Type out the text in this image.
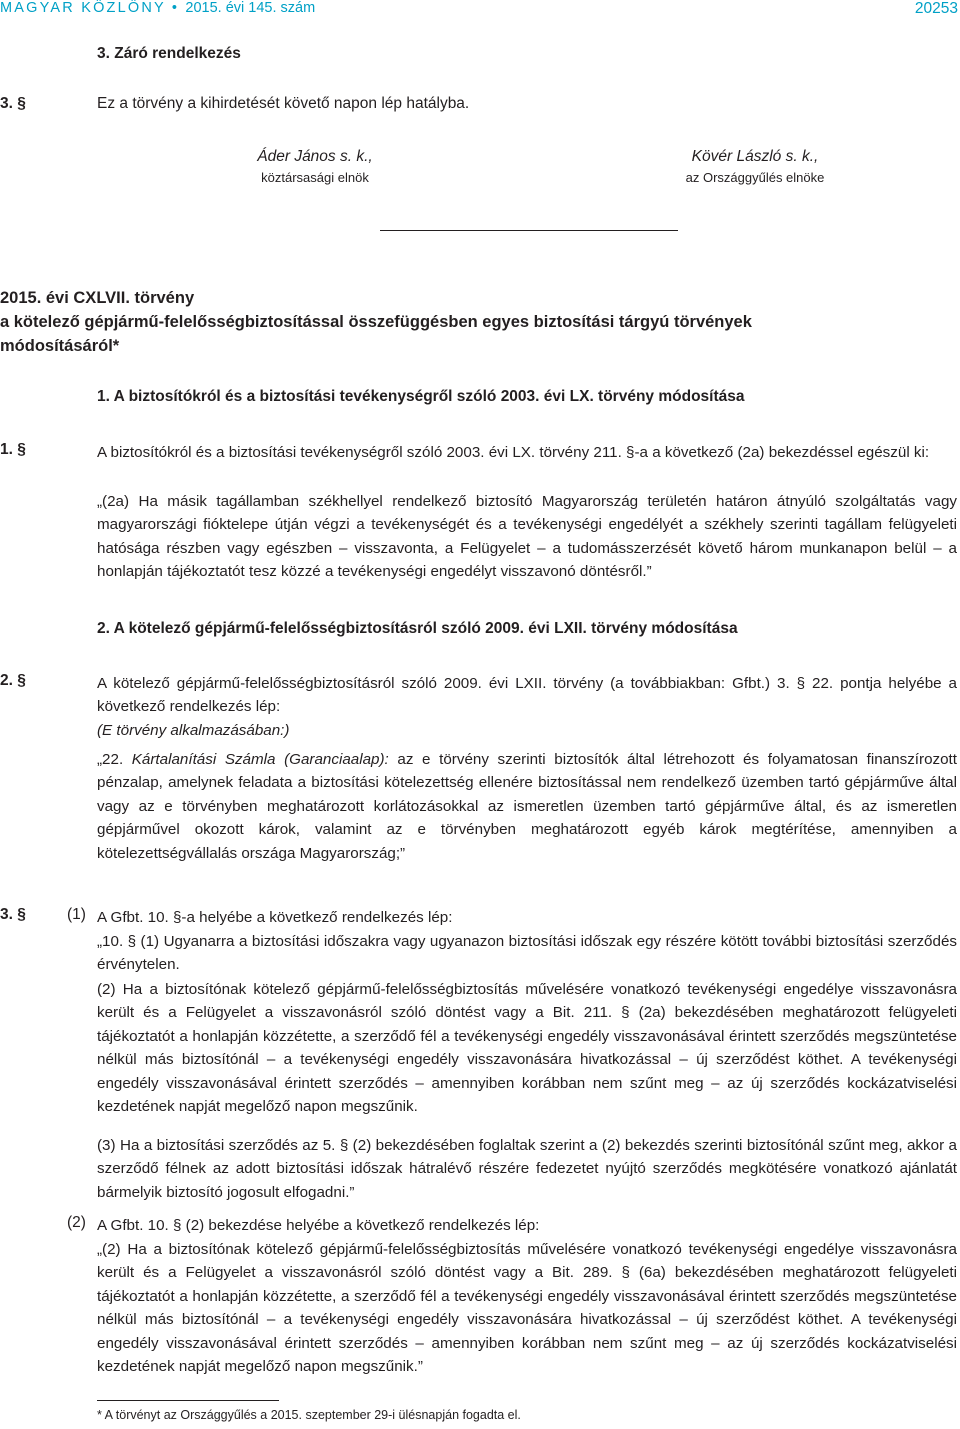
MAGYAR KÖZLÖNY • 2015. évi 145. szám	20253
3. Záró rendelkezés
3. §	Ez a törvény a kihirdetését követő napon lép hatályba.
Áder János s. k.,
köztársasági elnök
Kövér László s. k.,
az Országgyűlés elnöke
2015. évi CXLVII. törvény
a kötelező gépjármű-felelősségbiztosítással összefüggésben egyes biztosítási tárgyú törvények
módosításáról*
1. A biztosítókról és a biztosítási tevékenységről szóló 2003. évi LX. törvény módosítása
1. §	A biztosítókról és a biztosítási tevékenységről szóló 2003. évi LX. törvény 211. §-a a következő (2a) bekezdéssel egészül ki:

„(2a) Ha másik tagállamban székhellyel rendelkező biztosító Magyarország területén határon átnyúló szolgáltatás vagy magyarországi fióktelepe útján végzi a tevékenységét és a tevékenységi engedélyét a székhely szerinti tagállam felügyeleti hatósága részben vagy egészben – visszavonta, a Felügyelet – a tudomásszerzését követő három munkanapon belül – a honlapján tájékoztatót tesz közzé a tevékenységi engedélyt visszavonó döntésről.”

2. A kötelező gépjármű-felelősségbiztosításról szóló 2009. évi LXII. törvény módosítása
2. §	A kötelező gépjármű-felelősségbiztosításról szóló 2009. évi LXII. törvény (a továbbiakban: Gfbt.) 3. § 22. pontja helyébe a következő rendelkezés lép:

(E törvény alkalmazásában:)

„22. Kártalanítási Számla (Garanciaalap): az e törvény szerinti biztosítók által létrehozott és folyamatosan finanszírozott pénzalap, amelynek feladata a biztosítási kötelezettség ellenére biztosítással nem rendelkező üzemben tartó gépjárműve által vagy az e törvényben meghatározott korlátozásokkal az ismeretlen üzemben tartó gépjárműve által, és az ismeretlen gépjárművel okozott károk, valamint az e törvényben meghatározott egyéb károk megtérítése, amennyiben a kötelezettségvállalás országa Magyarország;”

3. §	(1) A Gfbt. 10. §-a helyébe a következő rendelkezés lép:

„10. § (1) Ugyanarra a biztosítási időszakra vagy ugyanazon biztosítási időszak egy részére kötött további biztosítási szerződés érvénytelen.

(2) Ha a biztosítónak kötelező gépjármű-felelősségbiztosítás művelésére vonatkozó tevékenységi engedélye visszavonásra került és a Felügyelet a visszavonásról szóló döntést vagy a Bit. 211. § (2a) bekezdésében meghatározott felügyeleti tájékoztatót a honlapján közzétette, a szerződő fél a tevékenységi engedély visszavonásával érintett szerződés megszüntetése nélkül más biztosítónál – a tevékenységi engedély visszavonására hivatkozással – új szerződést köthet. A tevékenységi engedély visszavonásával érintett szerződés – amennyiben korábban nem szűnt meg – az új szerződés kockázatviselési kezdetének napját megelőző napon megszűnik.

(3) Ha a biztosítási szerződés az 5. § (2) bekezdésében foglaltak szerint a (2) bekezdés szerinti biztosítónál szűnt meg, akkor a szerződő félnek az adott biztosítási időszak hátralévő részére fedezetet nyújtó szerződés megkötésére vonatkozó ajánlatát bármelyik biztosító jogosult elfogadni.”

(2) A Gfbt. 10. § (2) bekezdése helyébe a következő rendelkezés lép:

„(2) Ha a biztosítónak kötelező gépjármű-felelősségbiztosítás művelésére vonatkozó tevékenységi engedélye visszavonásra került és a Felügyelet a visszavonásról szóló döntést vagy a Bit. 289. § (6a) bekezdésében meghatározott felügyeleti tájékoztatót a honlapján közzétette, a szerződő fél a tevékenységi engedély visszavonásával érintett szerződés megszüntetése nélkül más biztosítónál – a tevékenységi engedély visszavonására hivatkozással – új szerződést köthet. A tevékenységi engedély visszavonásával érintett szerződés – amennyiben korábban nem szűnt meg – az új szerződés kockázatviselési kezdetének napját megelőző napon megszűnik.”

* A törvényt az Országgyűlés a 2015. szeptember 29-i ülésnapján fogadta el.
